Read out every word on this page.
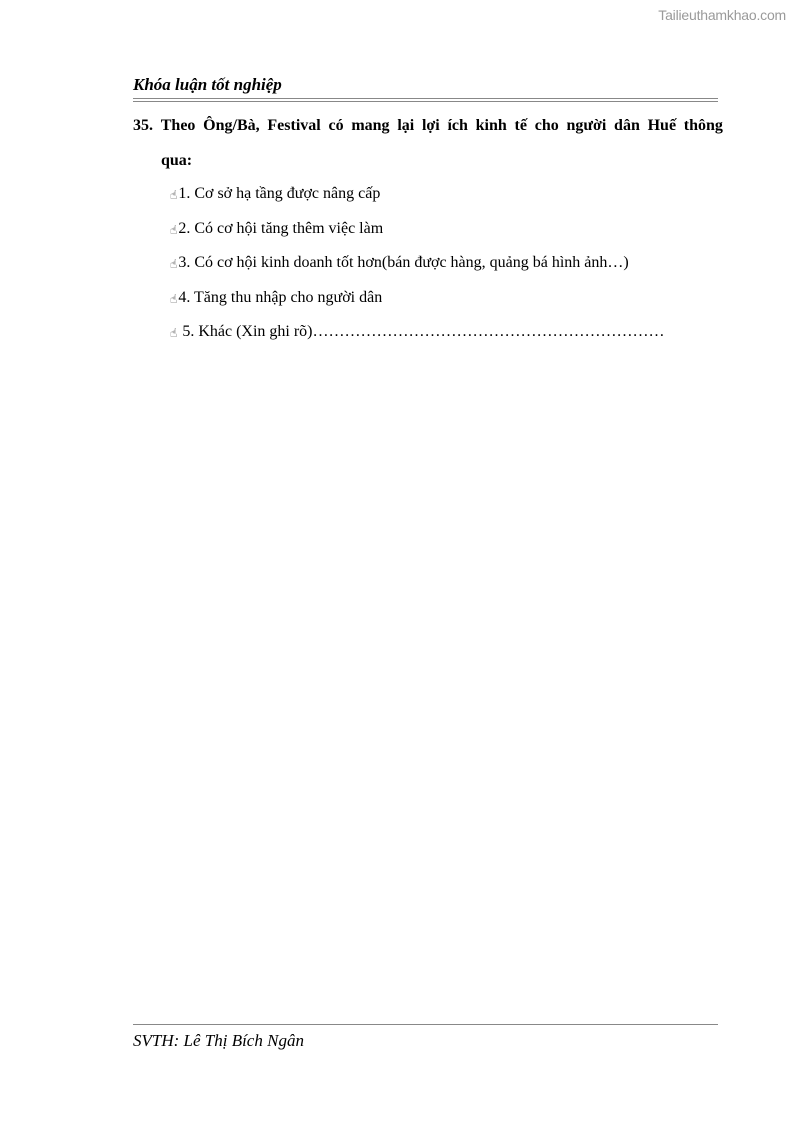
Tailieuthamkhao.com
Khóa luận tốt nghiệp
35. Theo Ông/Bà, Festival có mang lại lợi ích kinh tế cho người dân Huế thông
qua:
☝ 1. Cơ sở hạ tầng được nâng cấp
☝ 2. Có cơ hội tăng thêm việc làm
☝ 3. Có cơ hội kinh doanh tốt hơn(bán được hàng, quảng bá hình ảnh…)
☝ 4. Tăng thu nhập cho người dân
☝ 5. Khác (Xin ghi rõ)…………………………………………………………
SVTH: Lê Thị Bích Ngân
